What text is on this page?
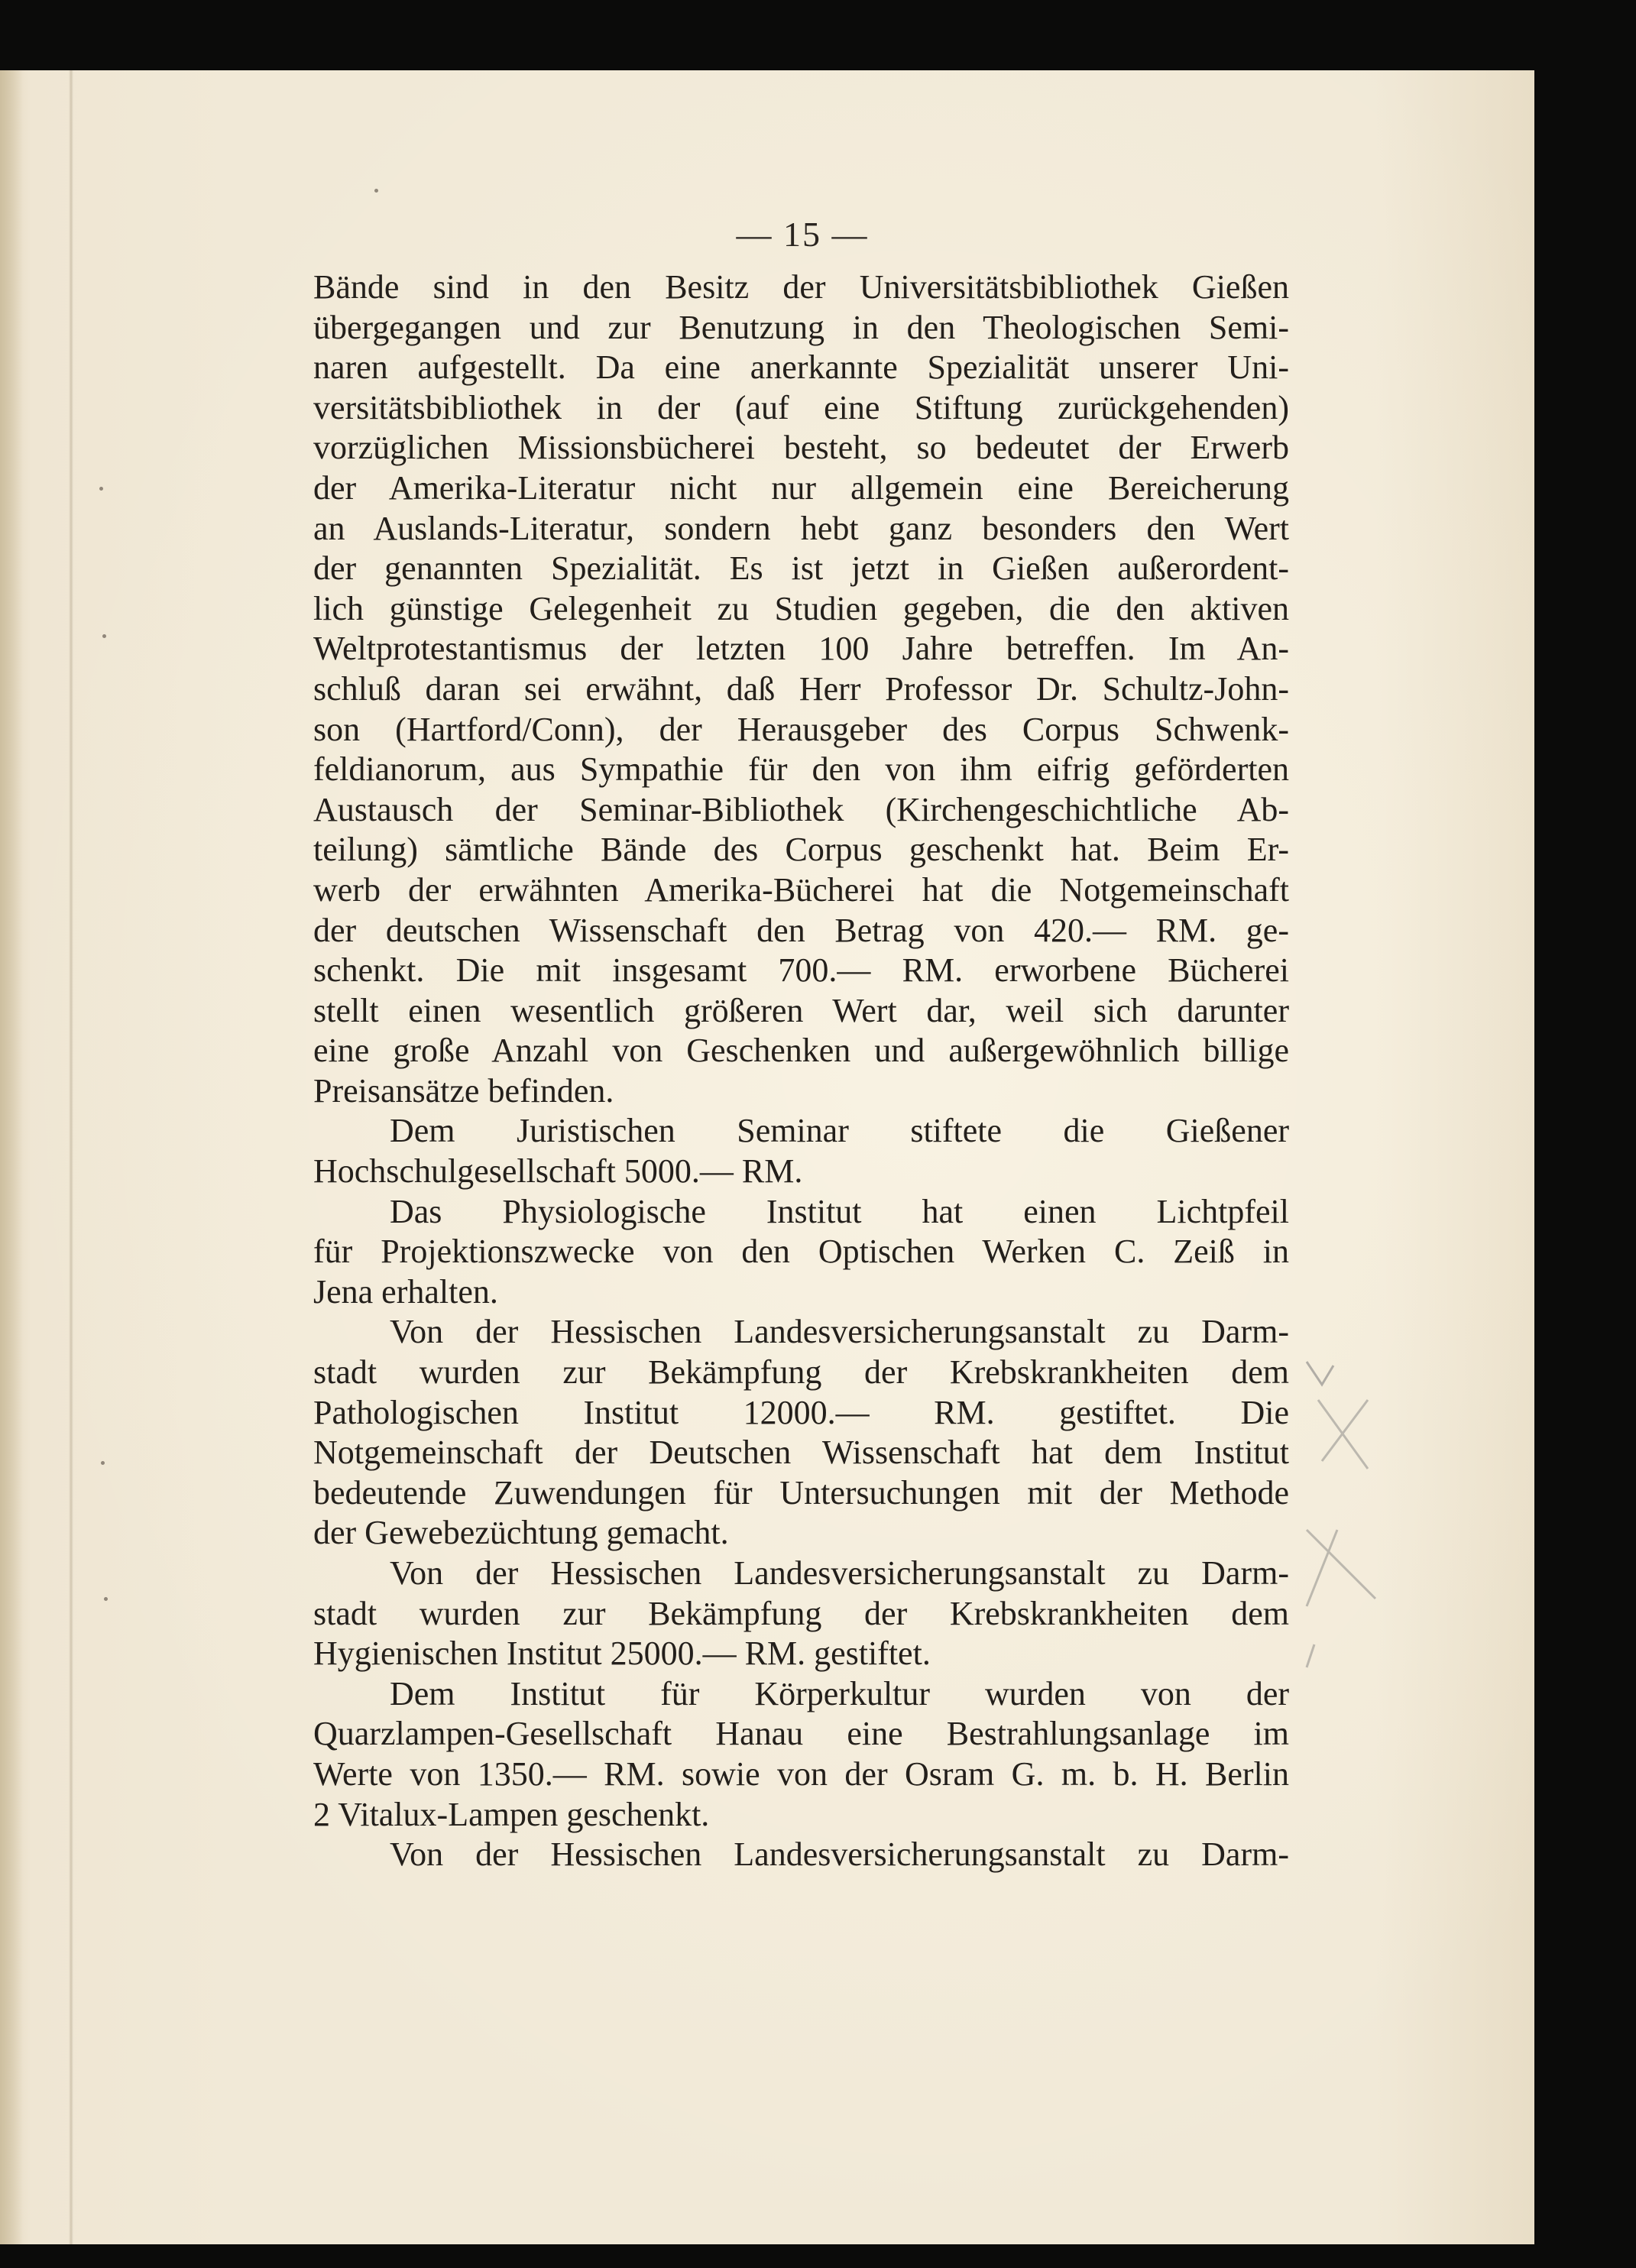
— 15 —
Bände sind in den Besitz der Universitätsbibliothek Gießen
übergegangen und zur Benutzung in den Theologischen Semi-
naren aufgestellt. Da eine anerkannte Spezialität unserer Uni-
versitätsbibliothek in der (auf eine Stiftung zurückgehenden)
vorzüglichen Missionsbücherei besteht, so bedeutet der Erwerb
der Amerika-Literatur nicht nur allgemein eine Bereicherung
an Auslands-Literatur, sondern hebt ganz besonders den Wert
der genannten Spezialität. Es ist jetzt in Gießen außerordent-
lich günstige Gelegenheit zu Studien gegeben, die den aktiven
Weltprotestantismus der letzten 100 Jahre betreffen. Im An-
schluß daran sei erwähnt, daß Herr Professor Dr. Schultz-John-
son (Hartford/Conn), der Herausgeber des Corpus Schwenk-
feldianorum, aus Sympathie für den von ihm eifrig geförderten
Austausch der Seminar-Bibliothek (Kirchengeschichtliche Ab-
teilung) sämtliche Bände des Corpus geschenkt hat. Beim Er-
werb der erwähnten Amerika-Bücherei hat die Notgemeinschaft
der deutschen Wissenschaft den Betrag von 420.— RM. ge-
schenkt. Die mit insgesamt 700.— RM. erworbene Bücherei
stellt einen wesentlich größeren Wert dar, weil sich darunter
eine große Anzahl von Geschenken und außergewöhnlich billige
Preisansätze befinden.
Dem Juristischen Seminar stiftete die Gießener
Hochschulgesellschaft 5000.— RM.
Das Physiologische Institut hat einen Lichtpfeil
für Projektionszwecke von den Optischen Werken C. Zeiß in
Jena erhalten.
Von der Hessischen Landesversicherungsanstalt zu Darm-
stadt wurden zur Bekämpfung der Krebskrankheiten dem
Pathologischen Institut 12000.— RM. gestiftet. Die
Notgemeinschaft der Deutschen Wissenschaft hat dem Institut
bedeutende Zuwendungen für Untersuchungen mit der Methode
der Gewebezüchtung gemacht.
Von der Hessischen Landesversicherungsanstalt zu Darm-
stadt wurden zur Bekämpfung der Krebskrankheiten dem
Hygienischen Institut 25000.— RM. gestiftet.
Dem Institut für Körperkultur wurden von der
Quarzlampen-Gesellschaft Hanau eine Bestrahlungsanlage im
Werte von 1350.— RM. sowie von der Osram G. m. b. H. Berlin
2 Vitalux-Lampen geschenkt.
Von der Hessischen Landesversicherungsanstalt zu Darm-
